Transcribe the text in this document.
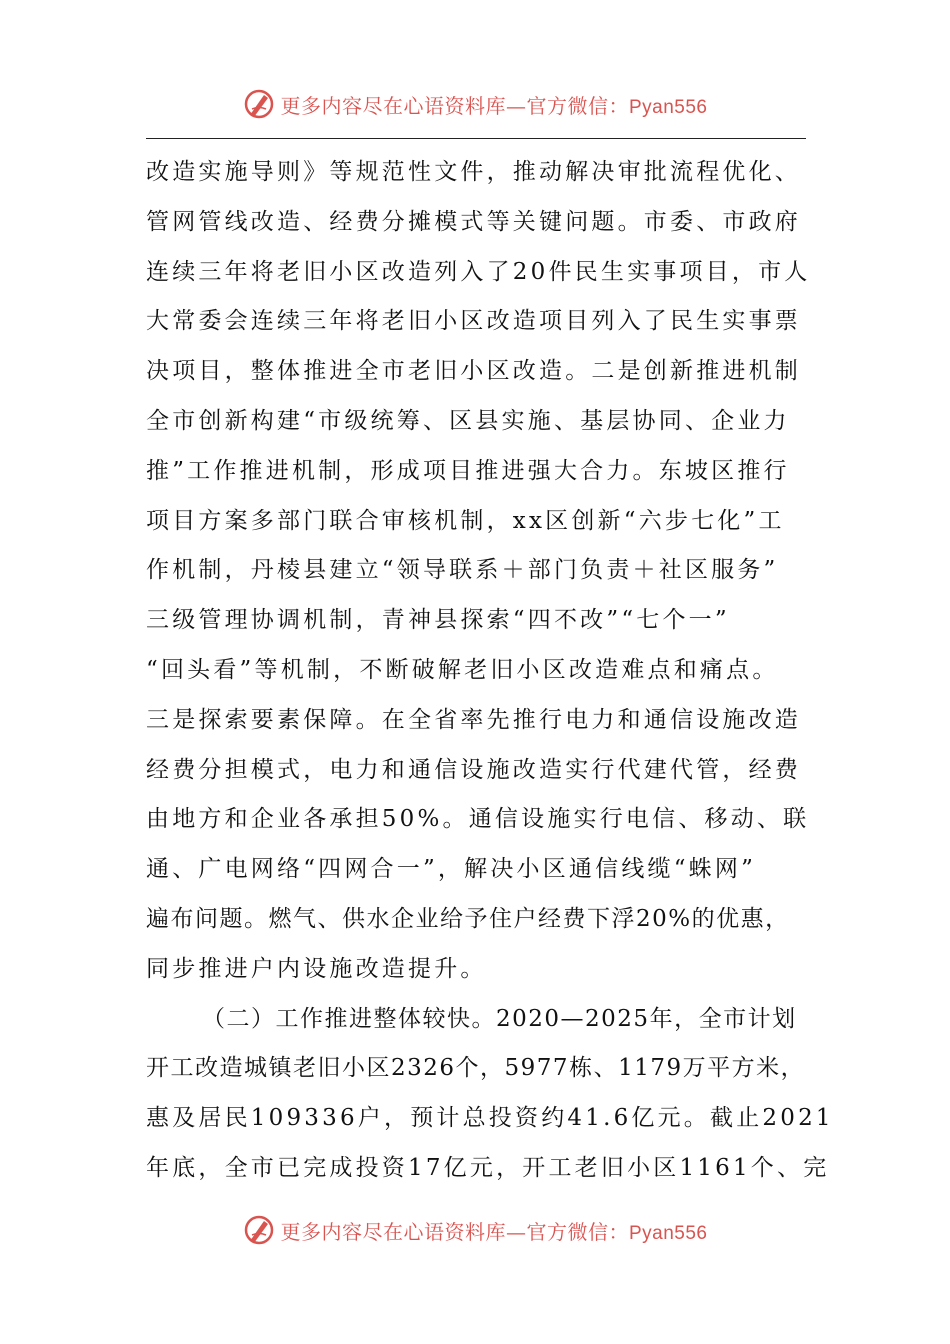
更多内容尽在心语资料库—官方微信：Pyan556
改造实施导则》等规范性文件，推动解决审批流程优化、
管网管线改造、经费分摊模式等关键问题。市委、市政府
连续三年将老旧小区改造列入了20件民生实事项目，市人
大常委会连续三年将老旧小区改造项目列入了民生实事票
决项目，整体推进全市老旧小区改造。二是创新推进机制
全市创新构建“市级统筹、区县实施、基层协同、企业力
推”工作推进机制，形成项目推进强大合力。东坡区推行
项目方案多部门联合审核机制，xx区创新“六步七化”工
作机制，丹棱县建立“领导联系＋部门负责＋社区服务”
三级管理协调机制，青神县探索“四不改”“七个一”
“回头看”等机制，不断破解老旧小区改造难点和痛点。
三是探索要素保障。在全省率先推行电力和通信设施改造
经费分担模式，电力和通信设施改造实行代建代管，经费
由地方和企业各承担50%。通信设施实行电信、移动、联
通、广电网络“四网合一”，解决小区通信线缆“蛛网”
遍布问题。燃气、供水企业给予住户经费下浮20%的优惠，
同步推进户内设施改造提升。
（二）工作推进整体较快。2020—2025年，全市计划
开工改造城镇老旧小区2326个，5977栋、1179万平方米，
惠及居民109336户，预计总投资约41.6亿元。截止2021
年底，全市已完成投资17亿元，开工老旧小区1161个、完
更多内容尽在心语资料库—官方微信：Pyan556
